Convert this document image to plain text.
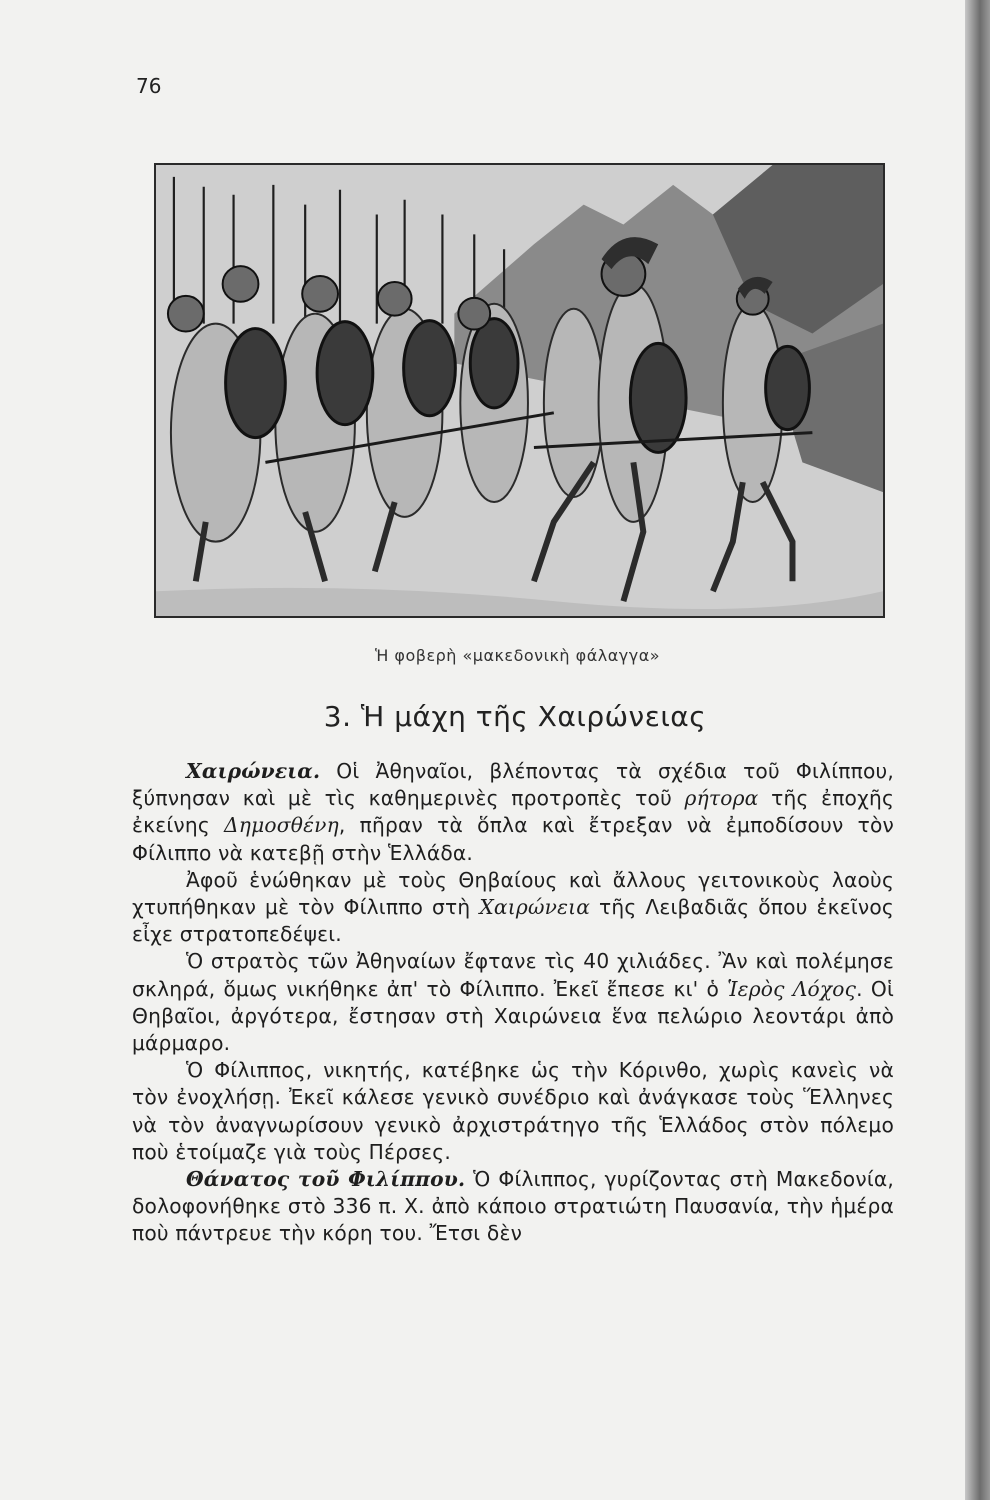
76
Ἡ φοβερὴ «μακεδονικὴ φάλαγγα»
3. Ἡ μάχη τῆς Χαιρώνειας

Χαιρώνεια. Οἱ Ἀθηναῖοι, βλέποντας τὰ σχέδια τοῦ Φιλίππου, ξύπνησαν καὶ μὲ τὶς καθημερινὲς προτροπὲς τοῦ ρήτορα τῆς ἐποχῆς ἐκείνης Δημοσθένη, πῆραν τὰ ὅπλα καὶ ἔτρεξαν νὰ ἐμποδίσουν τὸν Φίλιππο νὰ κατεβῇ στὴν Ἑλλάδα.

Ἀφοῦ ἑνώθηκαν μὲ τοὺς Θηβαίους καὶ ἄλλους γειτονικοὺς λαοὺς χτυπήθηκαν μὲ τὸν Φίλιππο στὴ Χαιρώνεια τῆς Λειβαδιᾶς ὅπου ἐκεῖνος εἶχε στρατοπεδέψει.

Ὁ στρατὸς τῶν Ἀθηναίων ἔφτανε τὶς 40 χιλιάδες. Ἂν καὶ πολέμησε σκληρά, ὅμως νικήθηκε ἀπ' τὸ Φίλιππο. Ἐκεῖ ἔπεσε κι' ὁ Ἱερὸς Λόχος. Οἱ Θηβαῖοι, ἀργότερα, ἔστησαν στὴ Χαιρώνεια ἕνα πελώριο λεοντάρι ἀπὸ μάρμαρο.

Ὁ Φίλιππος, νικητής, κατέβηκε ὡς τὴν Κόρινθο, χωρὶς κανεὶς νὰ τὸν ἐνοχλήσῃ. Ἐκεῖ κάλεσε γενικὸ συνέδριο καὶ ἀνάγκασε τοὺς Ἕλληνες νὰ τὸν ἀναγνωρίσουν γενικὸ ἀρχιστράτηγο τῆς Ἑλλάδος στὸν πόλεμο ποὺ ἑτοίμαζε γιὰ τοὺς Πέρσες.

Θάνατος τοῦ Φιλίππου. Ὁ Φίλιππος, γυρίζοντας στὴ Μακεδονία, δολοφονήθηκε στὸ 336 π. Χ. ἀπὸ κάποιο στρατιώτη Παυσανία, τὴν ἡμέρα ποὺ πάντρευε τὴν κόρη του. Ἔτσι δὲν
